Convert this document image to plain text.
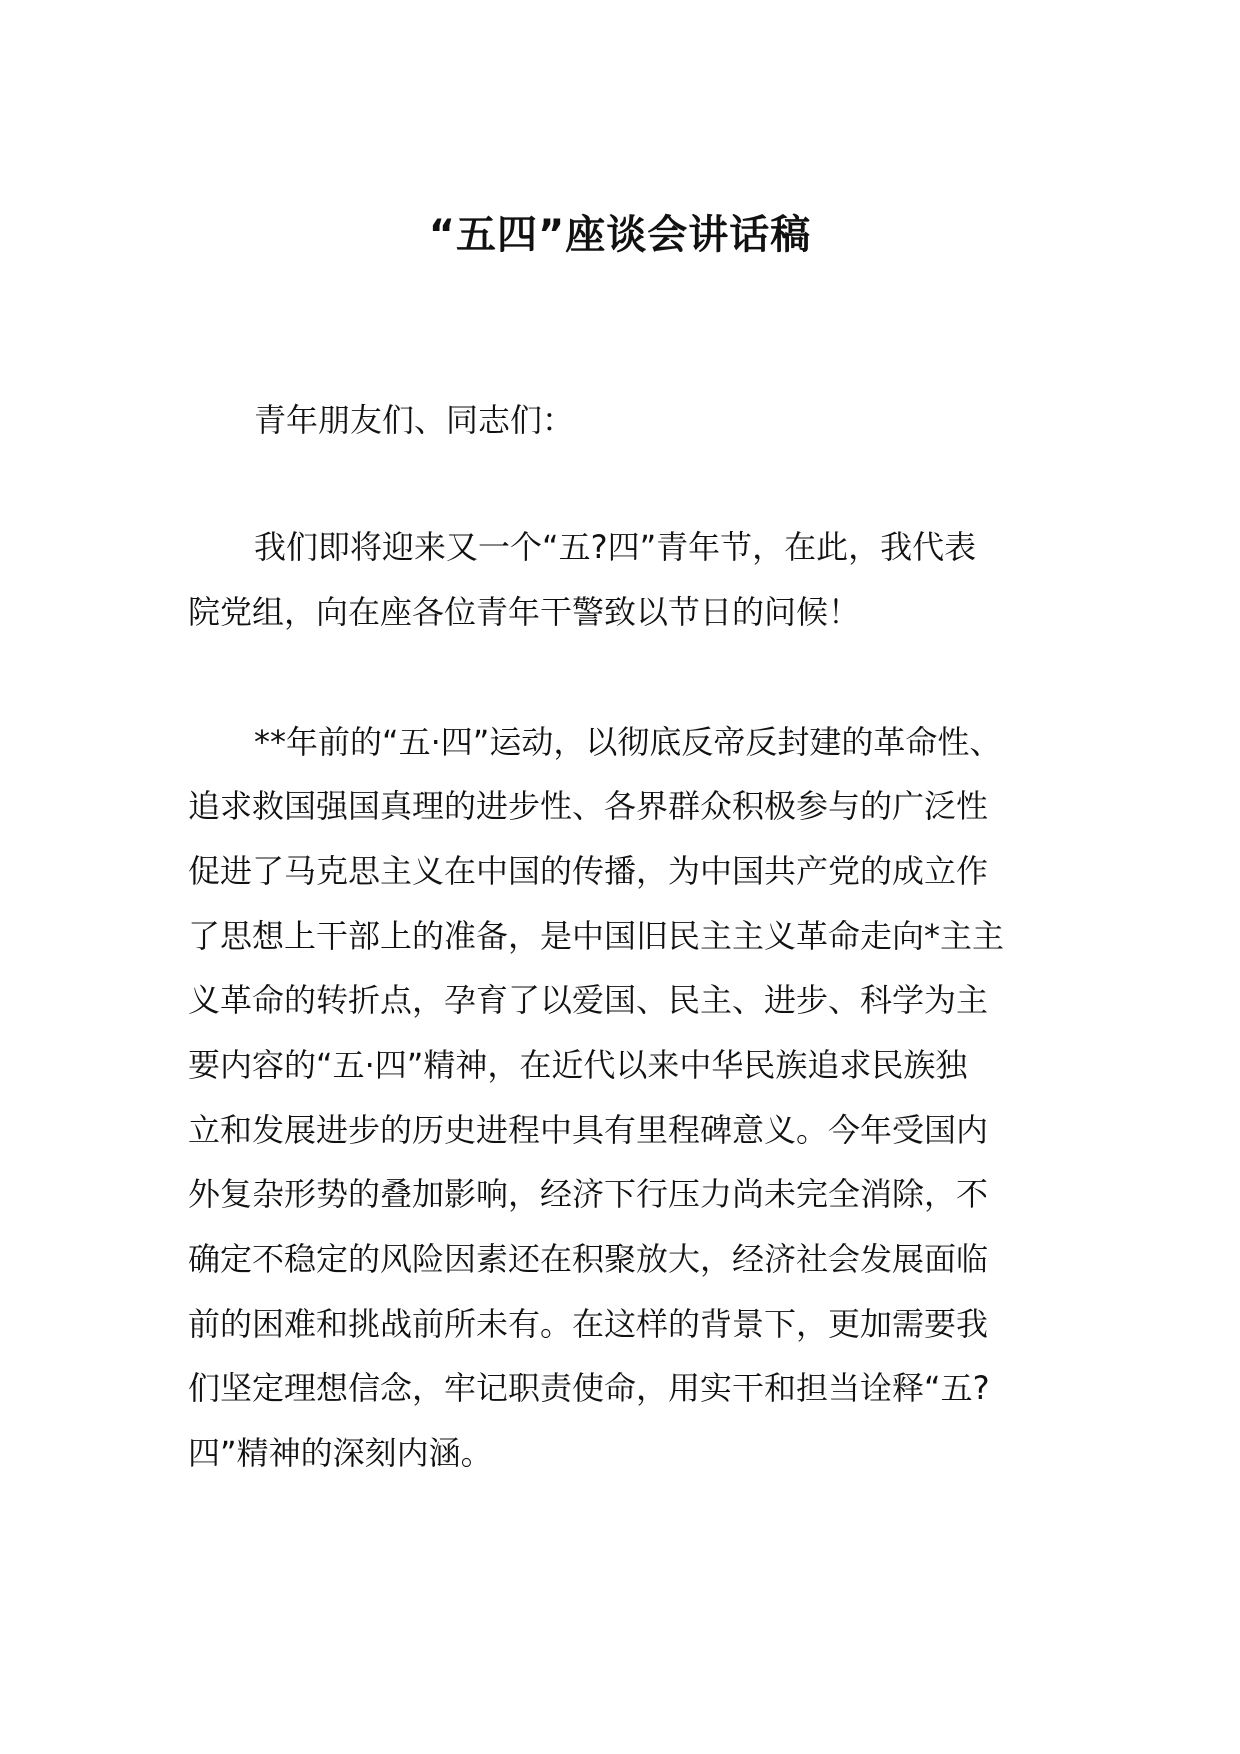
“五四”座谈会讲话稿
青年朋友们、同志们：
我们即将迎来又一个“五?四”青年节，在此，我代表
院党组，向在座各位青年干警致以节日的问候！
**年前的“五·四”运动，以彻底反帝反封建的革命性、
追求救国强国真理的进步性、各界群众积极参与的广泛性
促进了马克思主义在中国的传播，为中国共产党的成立作
了思想上干部上的准备，是中国旧民主主义革命走向*主主
义革命的转折点，孕育了以爱国、民主、进步、科学为主
要内容的“五·四”精神，在近代以来中华民族追求民族独
立和发展进步的历史进程中具有里程碑意义。今年受国内
外复杂形势的叠加影响，经济下行压力尚未完全消除，不
确定不稳定的风险因素还在积聚放大，经济社会发展面临
前的困难和挑战前所未有。在这样的背景下，更加需要我
们坚定理想信念，牢记职责使命，用实干和担当诠释“五?
四”精神的深刻内涵。
